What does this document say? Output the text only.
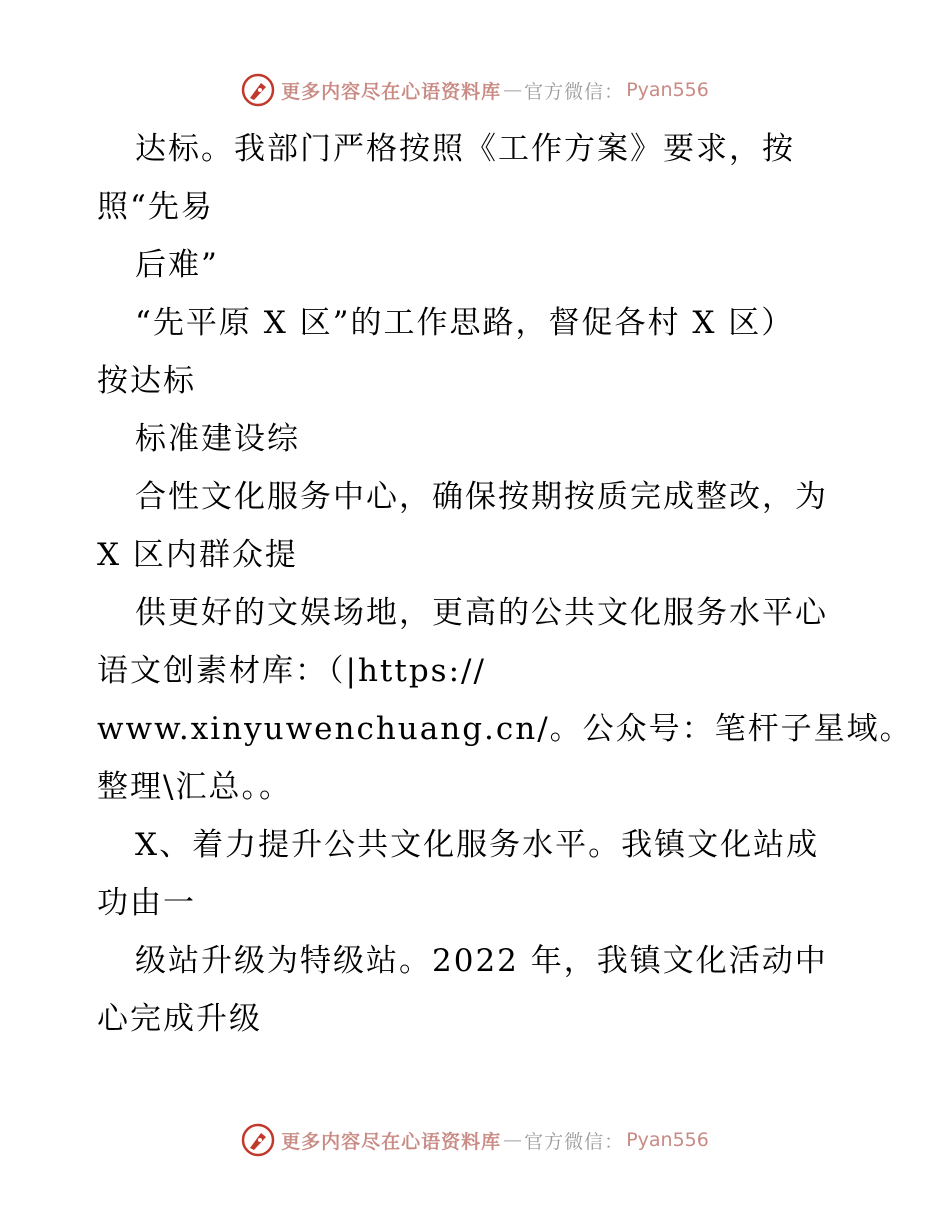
更多内容尽在心语资料库 — 官方微信： Pyan556
达标。我部门严格按照《工作方案》要求，按
照“先易
后难”
“先平原 X 区”的工作思路，督促各村 X 区）
按达标
标准建设综
合性文化服务中心，确保按期按质完成整改，为
X 区内群众提
供更好的文娱场地，更高的公共文化服务水平心
语文创素材库：（|https://
www.xinyuwenchuang.cn/。公众号：笔杆子星域。
整理\汇总。。
X、着力提升公共文化服务水平。我镇文化站成
功由一
级站升级为特级站。2022 年，我镇文化活动中
心完成升级
更多内容尽在心语资料库 — 官方微信： Pyan556
